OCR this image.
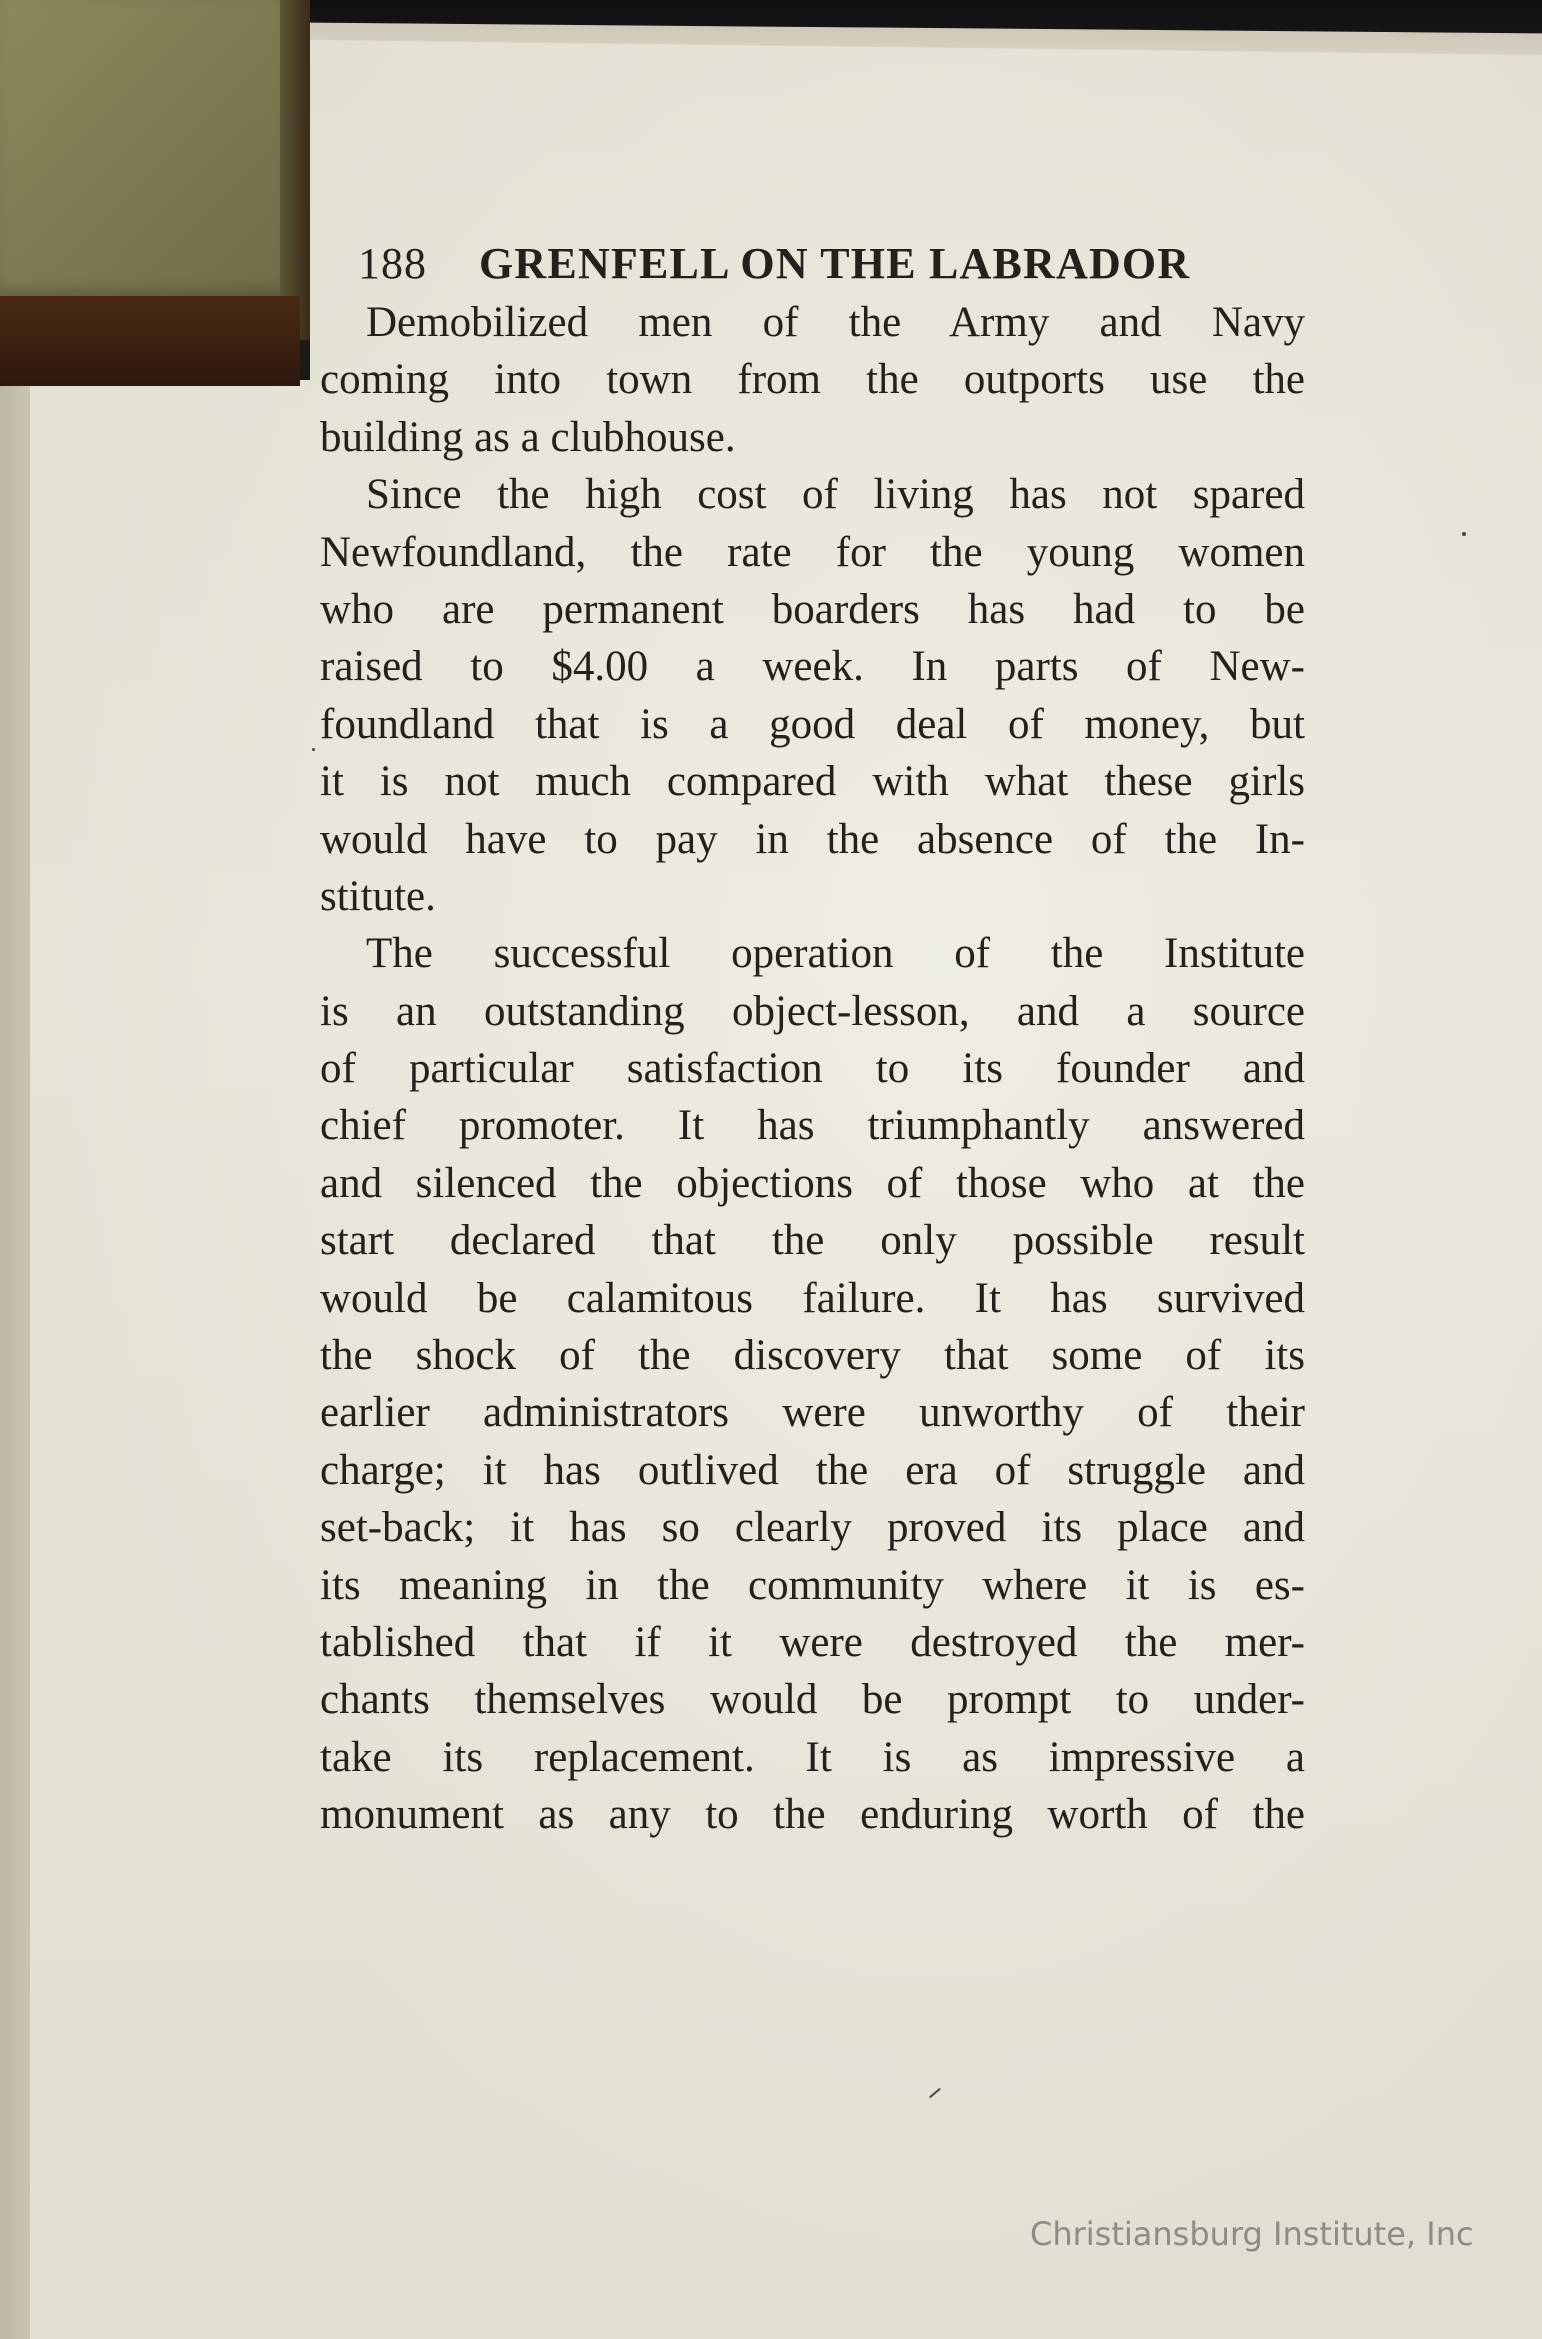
188 GRENFELL ON THE LABRADOR
Demobilized men of the Army and Navy
coming into town from the outports use the
building as a clubhouse.
Since the high cost of living has not spared
Newfoundland, the rate for the young women
who are permanent boarders has had to be
raised to $4.00 a week. In parts of New-
foundland that is a good deal of money, but
it is not much compared with what these girls
would have to pay in the absence of the In-
stitute.
The successful operation of the Institute
is an outstanding object-lesson, and a source
of particular satisfaction to its founder and
chief promoter. It has triumphantly answered
and silenced the objections of those who at the
start declared that the only possible result
would be calamitous failure. It has survived
the shock of the discovery that some of its
earlier administrators were unworthy of their
charge; it has outlived the era of struggle and
set-back; it has so clearly proved its place and
its meaning in the community where it is es-
tablished that if it were destroyed the mer-
chants themselves would be prompt to under-
take its replacement. It is as impressive a
monument as any to the enduring worth of the
Christiansburg Institute, Inc
